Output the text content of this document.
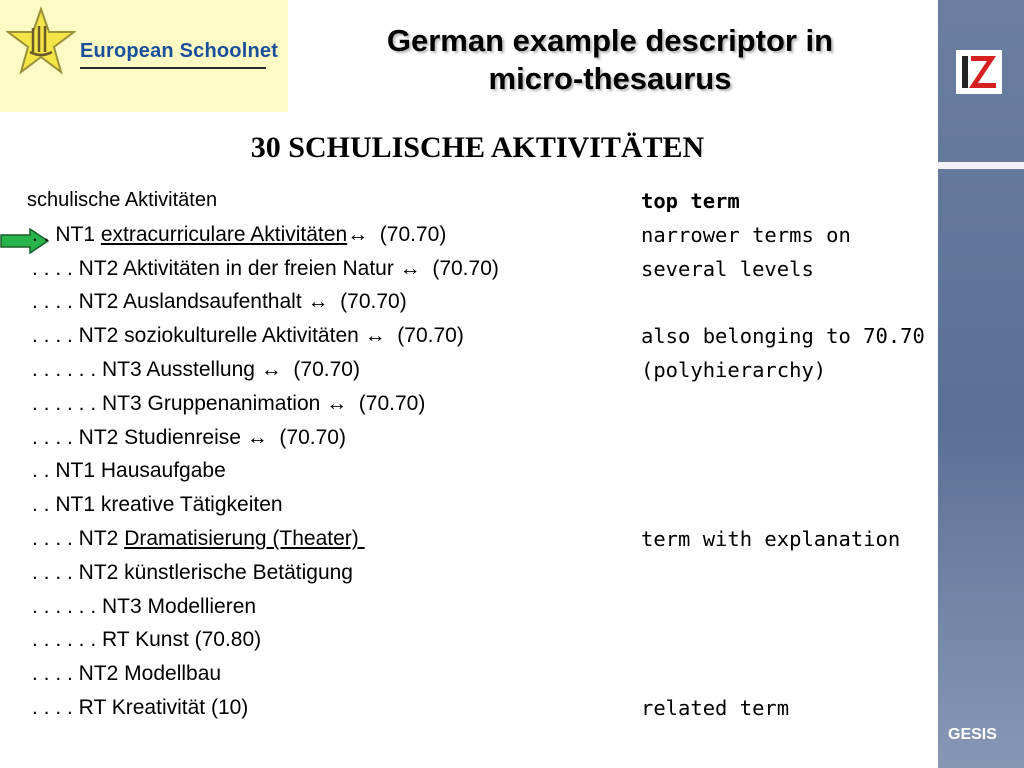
European Schoolnet	German example descriptor in
micro-thesaurus
GESIS
30 SCHULISCHE AKTIVITÄTEN
schulische Aktivitäten	top term
. . NT1 extracurriculare Aktivitäten↔  (70.70)	narrower terms on
. . . . NT2 Aktivitäten in der freien Natur ↔  (70.70)	several levels
. . . . NT2 Auslandsaufenthalt ↔  (70.70)
. . . . NT2 soziokulturelle Aktivitäten ↔  (70.70)	also belonging to 70.70
. . . . . . NT3 Ausstellung ↔  (70.70)	(polyhierarchy)
. . . . . . NT3 Gruppenanimation ↔  (70.70)
. . . . NT2 Studienreise ↔  (70.70)
. . NT1 Hausaufgabe
. . NT1 kreative Tätigkeiten
. . . . NT2 Dramatisierung (Theater)	term with explanation
. . . . NT2 künstlerische Betätigung
. . . . . . NT3 Modellieren
. . . . . . RT Kunst (70.80)
. . . . NT2 Modellbau
. . . . RT Kreativität (10)	related term
